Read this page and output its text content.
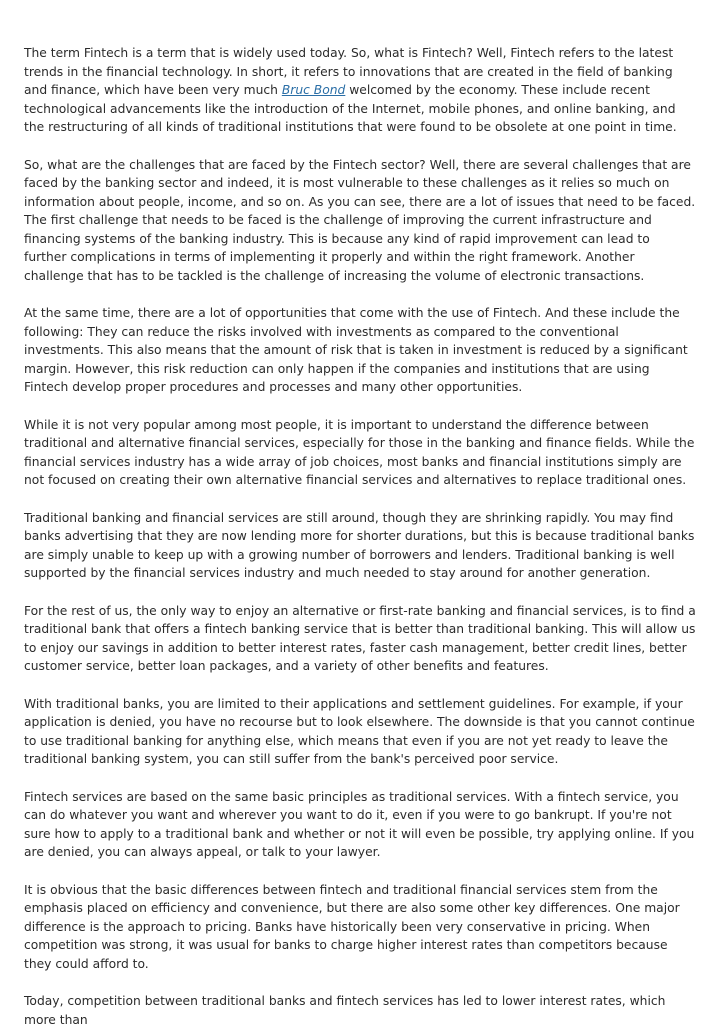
The term Fintech is a term that is widely used today. So, what is Fintech? Well, Fintech refers to the latest trends in the financial technology. In short, it refers to innovations that are created in the field of banking and finance, which have been very much Bruc Bond welcomed by the economy. These include recent technological advancements like the introduction of the Internet, mobile phones, and online banking, and the restructuring of all kinds of traditional institutions that were found to be obsolete at one point in time.

So, what are the challenges that are faced by the Fintech sector? Well, there are several challenges that are faced by the banking sector and indeed, it is most vulnerable to these challenges as it relies so much on information about people, income, and so on. As you can see, there are a lot of issues that need to be faced. The first challenge that needs to be faced is the challenge of improving the current infrastructure and financing systems of the banking industry. This is because any kind of rapid improvement can lead to further complications in terms of implementing it properly and within the right framework. Another challenge that has to be tackled is the challenge of increasing the volume of electronic transactions.

At the same time, there are a lot of opportunities that come with the use of Fintech. And these include the following: They can reduce the risks involved with investments as compared to the conventional investments. This also means that the amount of risk that is taken in investment is reduced by a significant margin. However, this risk reduction can only happen if the companies and institutions that are using Fintech develop proper procedures and processes and many other opportunities.

While it is not very popular among most people, it is important to understand the difference between traditional and alternative financial services, especially for those in the banking and finance fields. While the financial services industry has a wide array of job choices, most banks and financial institutions simply are not focused on creating their own alternative financial services and alternatives to replace traditional ones.

Traditional banking and financial services are still around, though they are shrinking rapidly. You may find banks advertising that they are now lending more for shorter durations, but this is because traditional banks are simply unable to keep up with a growing number of borrowers and lenders. Traditional banking is well supported by the financial services industry and much needed to stay around for another generation.

For the rest of us, the only way to enjoy an alternative or first-rate banking and financial services, is to find a traditional bank that offers a fintech banking service that is better than traditional banking. This will allow us to enjoy our savings in addition to better interest rates, faster cash management, better credit lines, better customer service, better loan packages, and a variety of other benefits and features.

With traditional banks, you are limited to their applications and settlement guidelines. For example, if your application is denied, you have no recourse but to look elsewhere. The downside is that you cannot continue to use traditional banking for anything else, which means that even if you are not yet ready to leave the traditional banking system, you can still suffer from the bank's perceived poor service.

Fintech services are based on the same basic principles as traditional services. With a fintech service, you can do whatever you want and wherever you want to do it, even if you were to go bankrupt. If you're not sure how to apply to a traditional bank and whether or not it will even be possible, try applying online. If you are denied, you can always appeal, or talk to your lawyer.

It is obvious that the basic differences between fintech and traditional financial services stem from the emphasis placed on efficiency and convenience, but there are also some other key differences. One major difference is the approach to pricing. Banks have historically been very conservative in pricing. When competition was strong, it was usual for banks to charge higher interest rates than competitors because they could afford to.

Today, competition between traditional banks and fintech services has led to lower interest rates, which more than
